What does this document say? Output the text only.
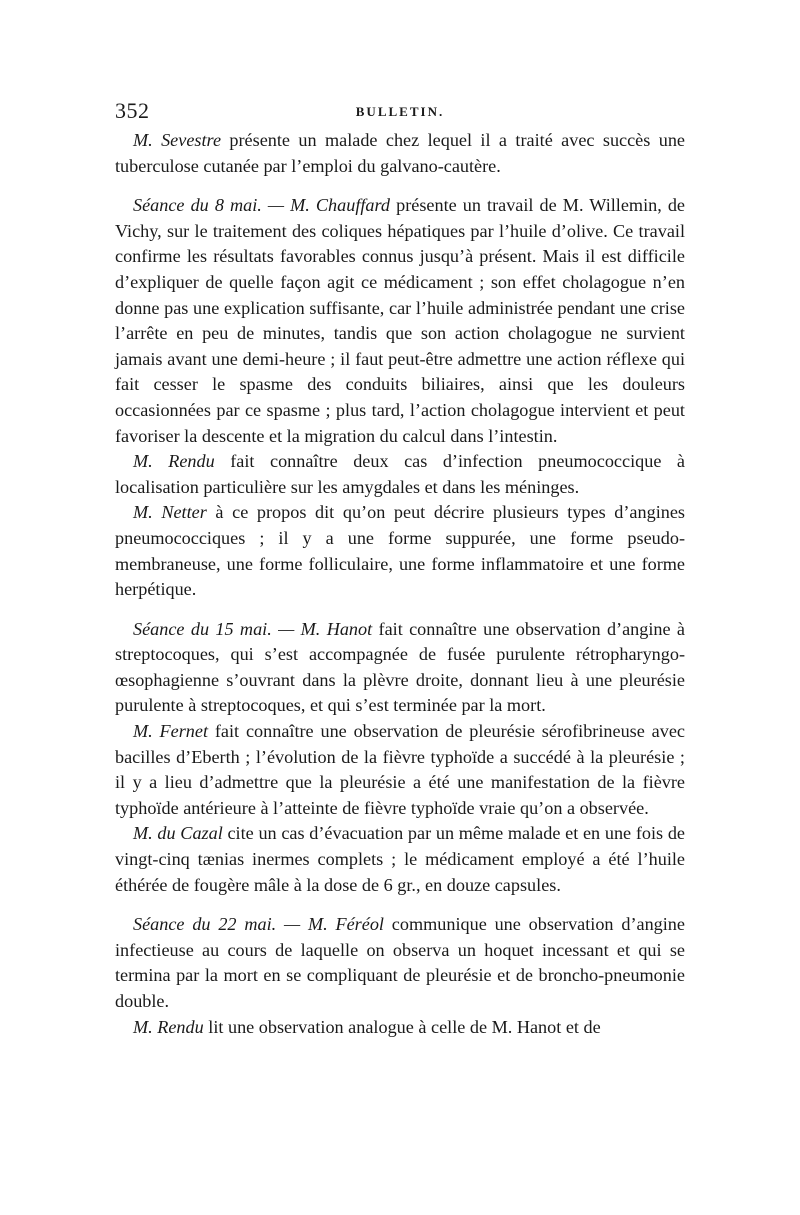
352	BULLETIN.

M. Sevestre présente un malade chez lequel il a traité avec succès une tuberculose cutanée par l’emploi du galvano-cautère.

Séance du 8 mai. — M. Chauffard présente un travail de M. Willemin, de Vichy, sur le traitement des coliques hépatiques par l’huile d’olive. Ce travail confirme les résultats favorables connus jusqu’à présent. Mais il est difficile d’expliquer de quelle façon agit ce médicament ; son effet cholagogue n’en donne pas une explication suffisante, car l’huile administrée pendant une crise l’arrête en peu de minutes, tandis que son action cholagogue ne survient jamais avant une demi-heure ; il faut peut-être admettre une action réflexe qui fait cesser le spasme des conduits biliaires, ainsi que les douleurs occasionnées par ce spasme ; plus tard, l’action cholagogue intervient et peut favoriser la descente et la migration du calcul dans l’intestin.

M. Rendu fait connaître deux cas d’infection pneumococcique à localisation particulière sur les amygdales et dans les méninges.

M. Netter à ce propos dit qu’on peut décrire plusieurs types d’angines pneumococciques ; il y a une forme suppurée, une forme pseudomembraneuse, une forme folliculaire, une forme inflammatoire et une forme herpétique.

Séance du 15 mai. — M. Hanot fait connaître une observation d’angine à streptocoques, qui s’est accompagnée de fusée purulente rétropharyngo-œsophagienne s’ouvrant dans la plèvre droite, donnant lieu à une pleurésie purulente à streptocoques, et qui s’est terminée par la mort.

M. Fernet fait connaître une observation de pleurésie sérofibrineuse avec bacilles d’Eberth ; l’évolution de la fièvre typhoïde a succédé à la pleurésie ; il y a lieu d’admettre que la pleurésie a été une manifestation de la fièvre typhoïde antérieure à l’atteinte de fièvre typhoïde vraie qu’on a observée.

M. du Cazal cite un cas d’évacuation par un même malade et en une fois de vingt-cinq tænias inermes complets ; le médicament employé a été l’huile éthérée de fougère mâle à la dose de 6 gr., en douze capsules.

Séance du 22 mai. — M. Féréol communique une observation d’angine infectieuse au cours de laquelle on observa un hoquet incessant et qui se termina par la mort en se compliquant de pleurésie et de broncho-pneumonie double.

M. Rendu lit une observation analogue à celle de M. Hanot et de
